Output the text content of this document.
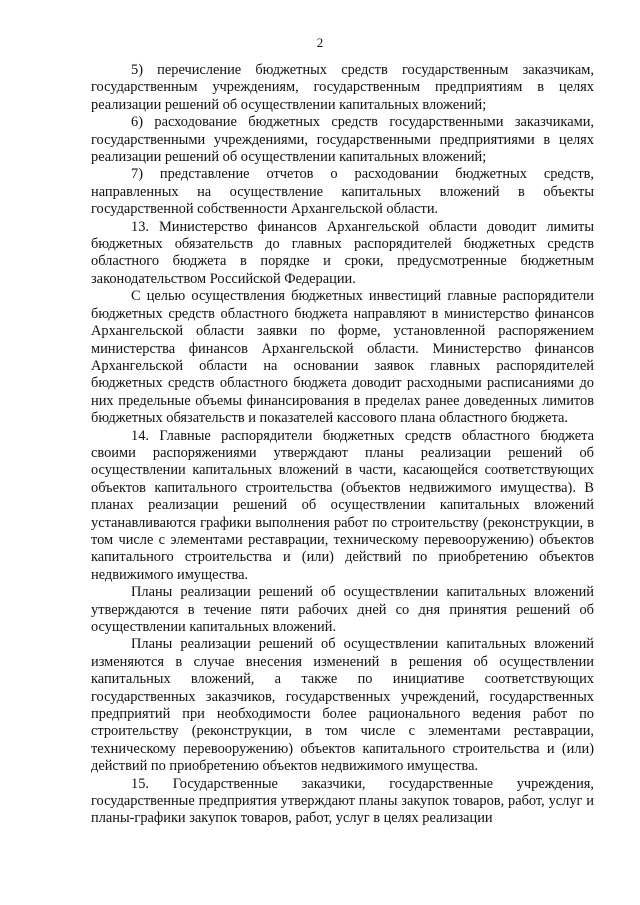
2

5) перечисление бюджетных средств государственным заказчикам, государственным учреждениям, государственным предприятиям в целях реализации решений об осуществлении капитальных вложений;

6) расходование бюджетных средств государственными заказчиками, государственными учреждениями, государственными предприятиями в целях реализации решений об осуществлении капитальных вложений;

7) представление отчетов о расходовании бюджетных средств, направленных на осуществление капитальных вложений в объекты государственной собственности Архангельской области.

13. Министерство финансов Архангельской области доводит лимиты бюджетных обязательств до главных распорядителей бюджетных средств областного бюджета в порядке и сроки, предусмотренные бюджетным законодательством Российской Федерации.

С целью осуществления бюджетных инвестиций главные распорядители бюджетных средств областного бюджета направляют в министерство финансов Архангельской области заявки по форме, установленной распоряжением министерства финансов Архангельской области. Министерство финансов Архангельской области на основании заявок главных распорядителей бюджетных средств областного бюджета доводит расходными расписаниями до них предельные объемы финансирования в пределах ранее доведенных лимитов бюджетных обязательств и показателей кассового плана областного бюджета.

14. Главные распорядители бюджетных средств областного бюджета своими распоряжениями утверждают планы реализации решений об осуществлении капитальных вложений в части, касающейся соответствующих объектов капитального строительства (объектов недвижимого имущества). В планах реализации решений об осуществлении капитальных вложений устанавливаются графики выполнения работ по строительству (реконструкции, в том числе с элементами реставрации, техническому перевооружению) объектов капитального строительства и (или) действий по приобретению объектов недвижимого имущества.

Планы реализации решений об осуществлении капитальных вложений утверждаются в течение пяти рабочих дней со дня принятия решений об осуществлении капитальных вложений.

Планы реализации решений об осуществлении капитальных вложений изменяются в случае внесения изменений в решения об осуществлении капитальных вложений, а также по инициативе соответствующих государственных заказчиков, государственных учреждений, государственных предприятий при необходимости более рационального ведения работ по строительству (реконструкции, в том числе с элементами реставрации, техническому перевооружению) объектов капитального строительства и (или) действий по приобретению объектов недвижимого имущества.

15. Государственные заказчики, государственные учреждения, государственные предприятия утверждают планы закупок товаров, работ, услуг и планы-графики закупок товаров, работ, услуг в целях реализации
